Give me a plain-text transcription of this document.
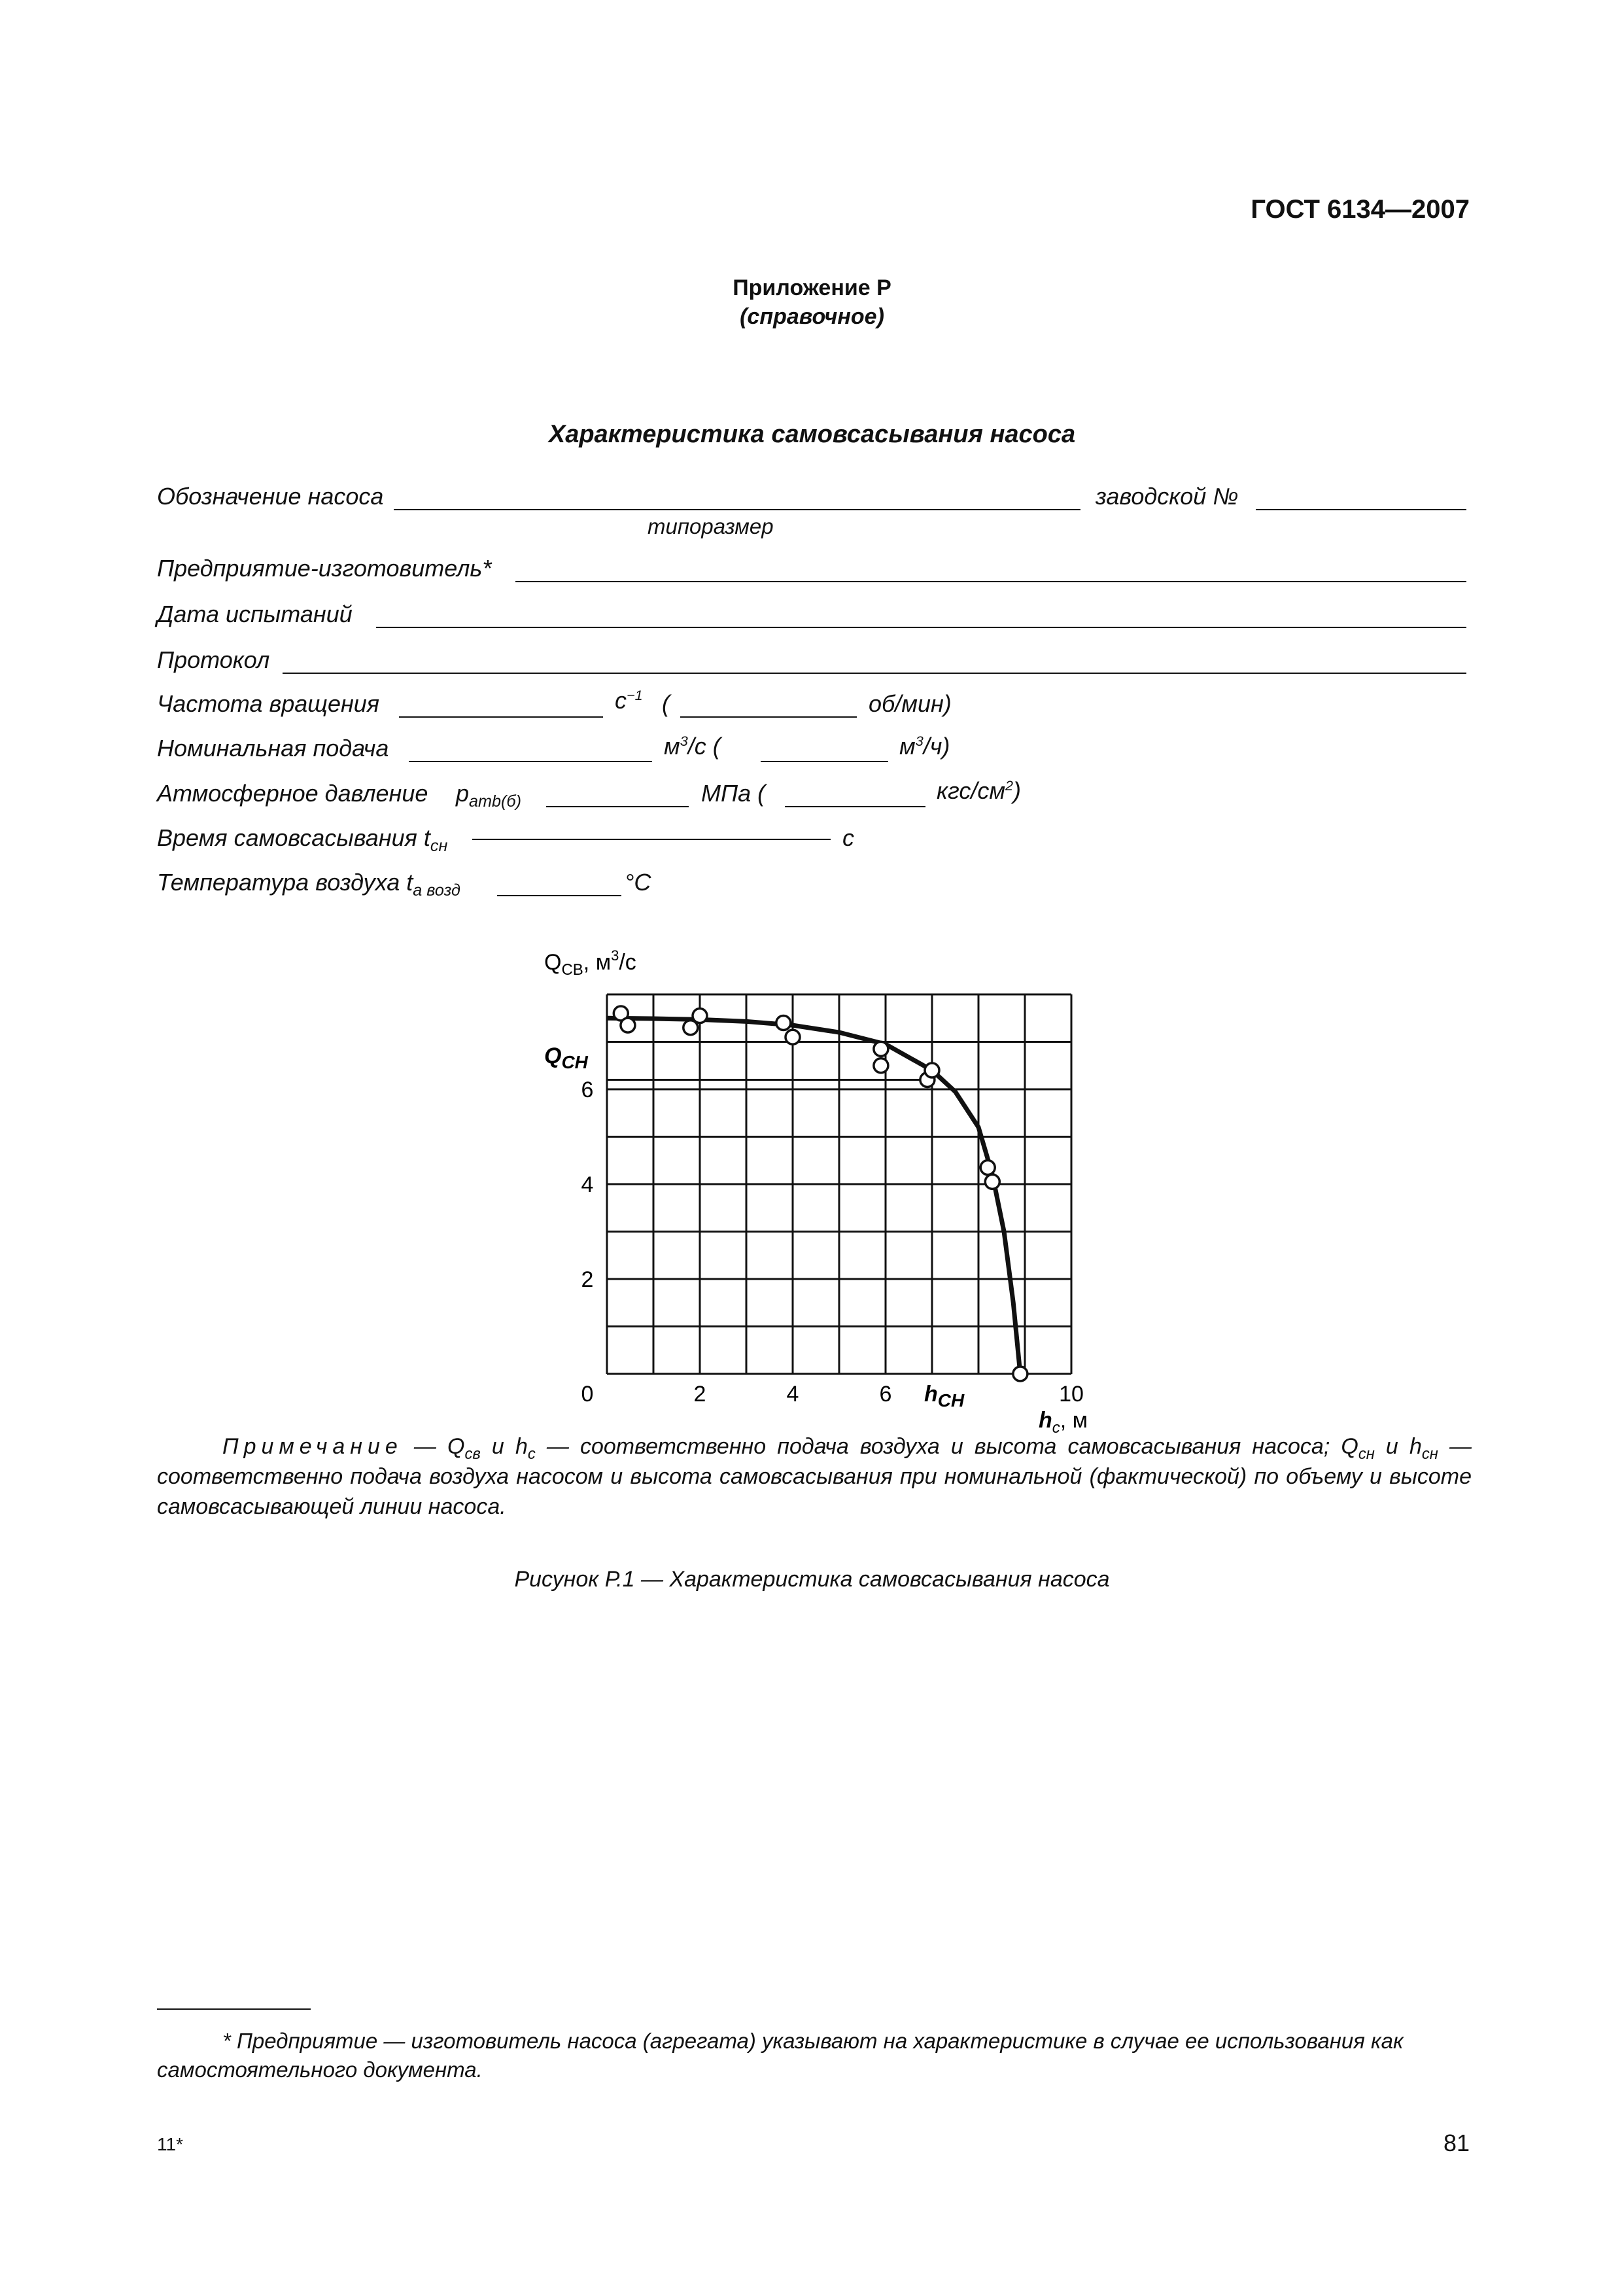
ГОСТ 6134—2007
Приложение Р
(справочное)
Характеристика самовсасывания насоса
Обозначение насоса	заводской №
типоразмер
Предприятие-изготовитель*
Дата испытаний
Протокол
Частота вращения	$с^{-1}$ (	об/мин)
Номинальная подача	$м^3/с$ (	$м^3/ч$)
Атмосферное давление $p_{amb(б)}$	МПа (	кгс/$см^2$)
Время самовсасывания $t_{сн}$	с
Температура воздуха $t_{а возд}$	°С
0	2	4	6	10
2
4
6
$Q_{СВ}$, $м^3/с$
$h_с$, м
$Q_{СН}$
$h_{СН}$
Примечание — $Q_{св}$ и $h_с$ — соответственно подача воздуха и высота самовсасывания насоса; $Q_{сн}$ и $h_{сн}$ — соответственно подача воздуха насосом и высота самовсасывания при номинальной (фактической) по объему и высоте самовсасывающей линии насоса.
Рисунок Р.1 — Характеристика самовсасывания насоса
* Предприятие — изготовитель насоса (агрегата) указывают на характеристике в случае ее использования как самостоятельного документа.
11*	81
